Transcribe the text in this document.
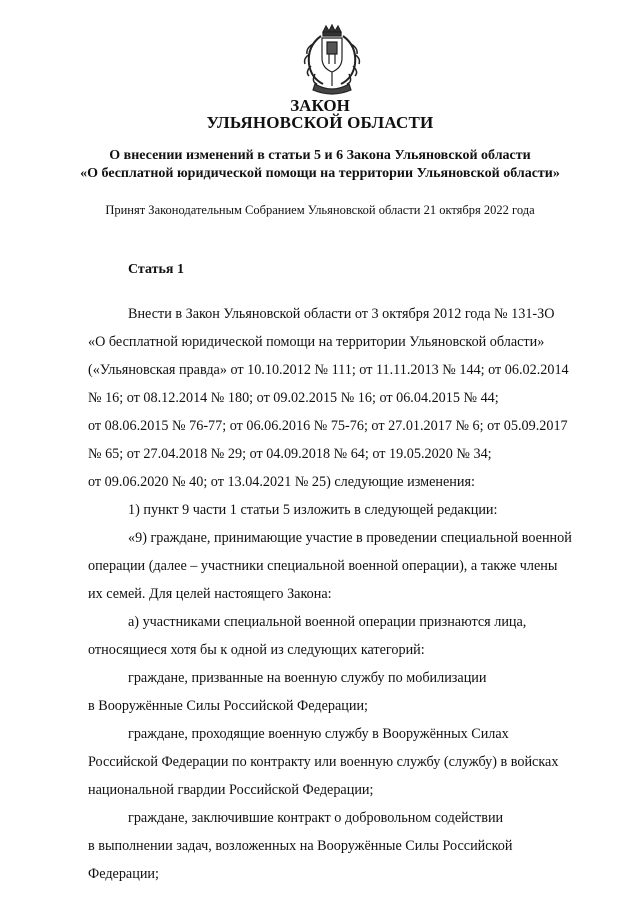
ЗАКОН
УЛЬЯНОВСКОЙ ОБЛАСТИ
О внесении изменений в статьи 5 и 6 Закона Ульяновской области
«О бесплатной юридической помощи на территории Ульяновской области»
Принят Законодательным Собранием Ульяновской области 21 октября 2022 года
Статья 1

Внести в Закон Ульяновской области от 3 октября 2012 года № 131-ЗО

«О бесплатной юридической помощи на территории Ульяновской области»

(«Ульяновская правда» от 10.10.2012 № 111; от 11.11.2013 № 144; от 06.02.2014

№ 16; от 08.12.2014 № 180; от 09.02.2015 № 16; от 06.04.2015 № 44;

от 08.06.2015 № 76-77; от 06.06.2016 № 75-76; от 27.01.2017 № 6; от 05.09.2017

№ 65; от 27.04.2018 № 29; от 04.09.2018 № 64; от 19.05.2020 № 34;

от 09.06.2020 № 40; от 13.04.2021 № 25) следующие изменения:

1) пункт 9 части 1 статьи 5 изложить в следующей редакции:

«9) граждане, принимающие участие в проведении специальной военной

операции (далее – участники специальной военной операции), а также члены

их семей. Для целей настоящего Закона:

а) участниками специальной военной операции признаются лица,

относящиеся хотя бы к одной из следующих категорий:

граждане, призванные на военную службу по мобилизации

в Вооружённые Силы Российской Федерации;

граждане, проходящие военную службу в Вооружённых Силах

Российской Федерации по контракту или военную службу (службу) в войсках

национальной гвардии Российской Федерации;

граждане, заключившие контракт о добровольном содействии

в выполнении задач, возложенных на Вооружённые Силы Российской

Федерации;
